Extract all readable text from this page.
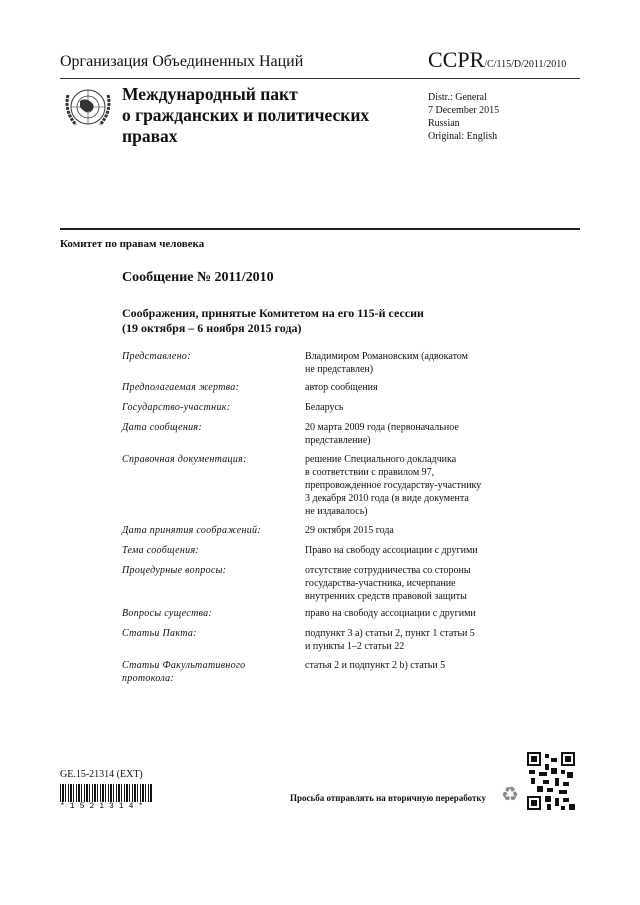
Организация Объединенных Наций	CCPR/C/115/D/2011/2010
Международный пакт
о гражданских и политических
правах
Distr.: General
7 December 2015
Russian
Original: English
Комитет по правам человека
Сообщение № 2011/2010
Соображения, принятые Комитетом на его 115-й сессии
(19 октября – 6 ноября 2015 года)
Представлено:	Владимиром Романовским (адвокатом
не представлен)
Предполагаемая жертва:	автор сообщения
Государство-участник:	Беларусь
Дата сообщения:	20 марта 2009 года (первоначальное
представление)
Справочная документация:	решение Специального докладчика
в соответствии с правилом 97,
препровожденное государству-участнику
3 декабря 2010 года (в виде документа
не издавалось)
Дата принятия соображений:	29 октября 2015 года
Тема сообщения:	Право на свободу ассоциации с другими
Процедурные вопросы:	отсутствие сотрудничества со стороны
государства-участника, исчерпание
внутренних средств правовой защиты
Вопросы существа:	право на свободу ассоциации с другими
Статьи Пакта:	подпункт 3 а) статьи 2, пункт 1 статьи 5
и пункты 1–2 статьи 22
Статьи Факультативного
протокола:
статья 2 и подпункт 2 b) статьи 5
GE.15-21314 (EXT)
*1521314*
Просьба отправлять на вторичную переработку ♻
